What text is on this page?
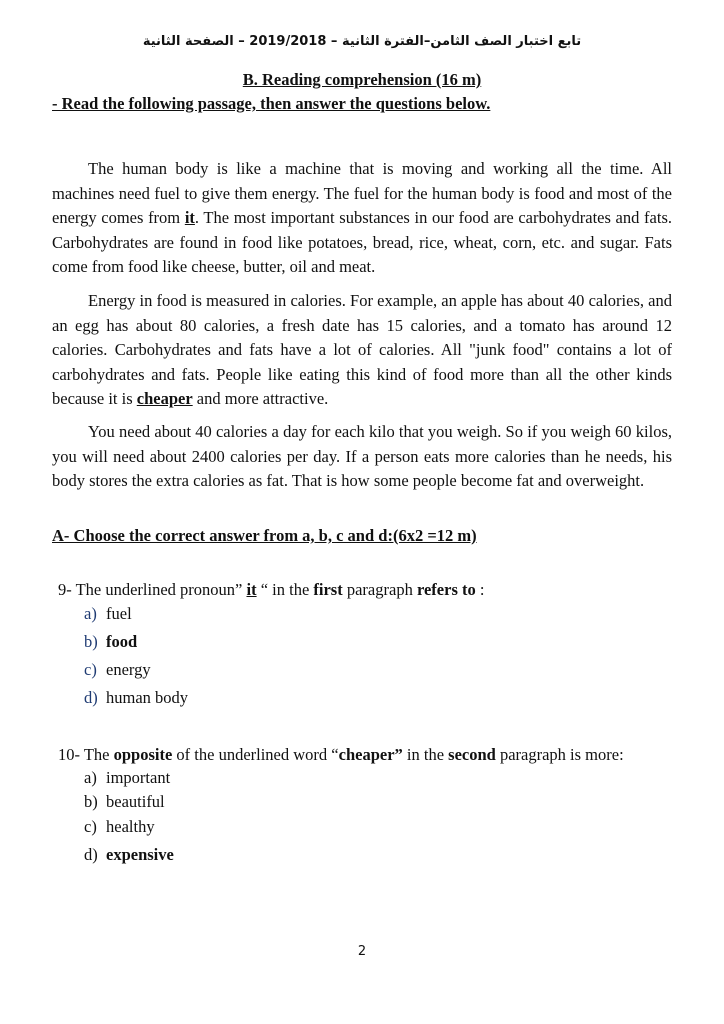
تابع اختبار الصف الثامن–الفترة الثانية – 2019/2018 – الصفحة الثانية
B. Reading comprehension (16 m)
- Read the following passage, then answer the questions below.

The human body is like a machine that is moving and working all the time. All machines need fuel to give them energy. The fuel for the human body is food and most of the energy comes from it. The most important substances in our food are carbohydrates and fats. Carbohydrates are found in food like potatoes, bread, rice, wheat, corn, etc. and sugar. Fats come from food like cheese, butter, oil and meat.

Energy in food is measured in calories. For example, an apple has about 40 calories, and an egg has about 80 calories, a fresh date has 15 calories, and a tomato has around 12 calories. Carbohydrates and fats have a lot of calories. All "junk food" contains a lot of carbohydrates and fats. People like eating this kind of food more than all the other kinds because it is cheaper and more attractive.

You need about 40 calories a day for each kilo that you weigh. So if you weigh 60 kilos, you will need about 2400 calories per day. If a person eats more calories than he needs, his body stores the extra calories as fat. That is how some people become fat and overweight.

A- Choose the correct answer from a, b, c and d:(6x2 =12 m)
9- The underlined pronoun” it “ in the first paragraph refers to :
a) fuel
b) food
c) energy
d) human body
10- The opposite of the underlined word “cheaper” in the second paragraph is more:
a) important
b) beautiful
c) healthy
d) expensive
2
